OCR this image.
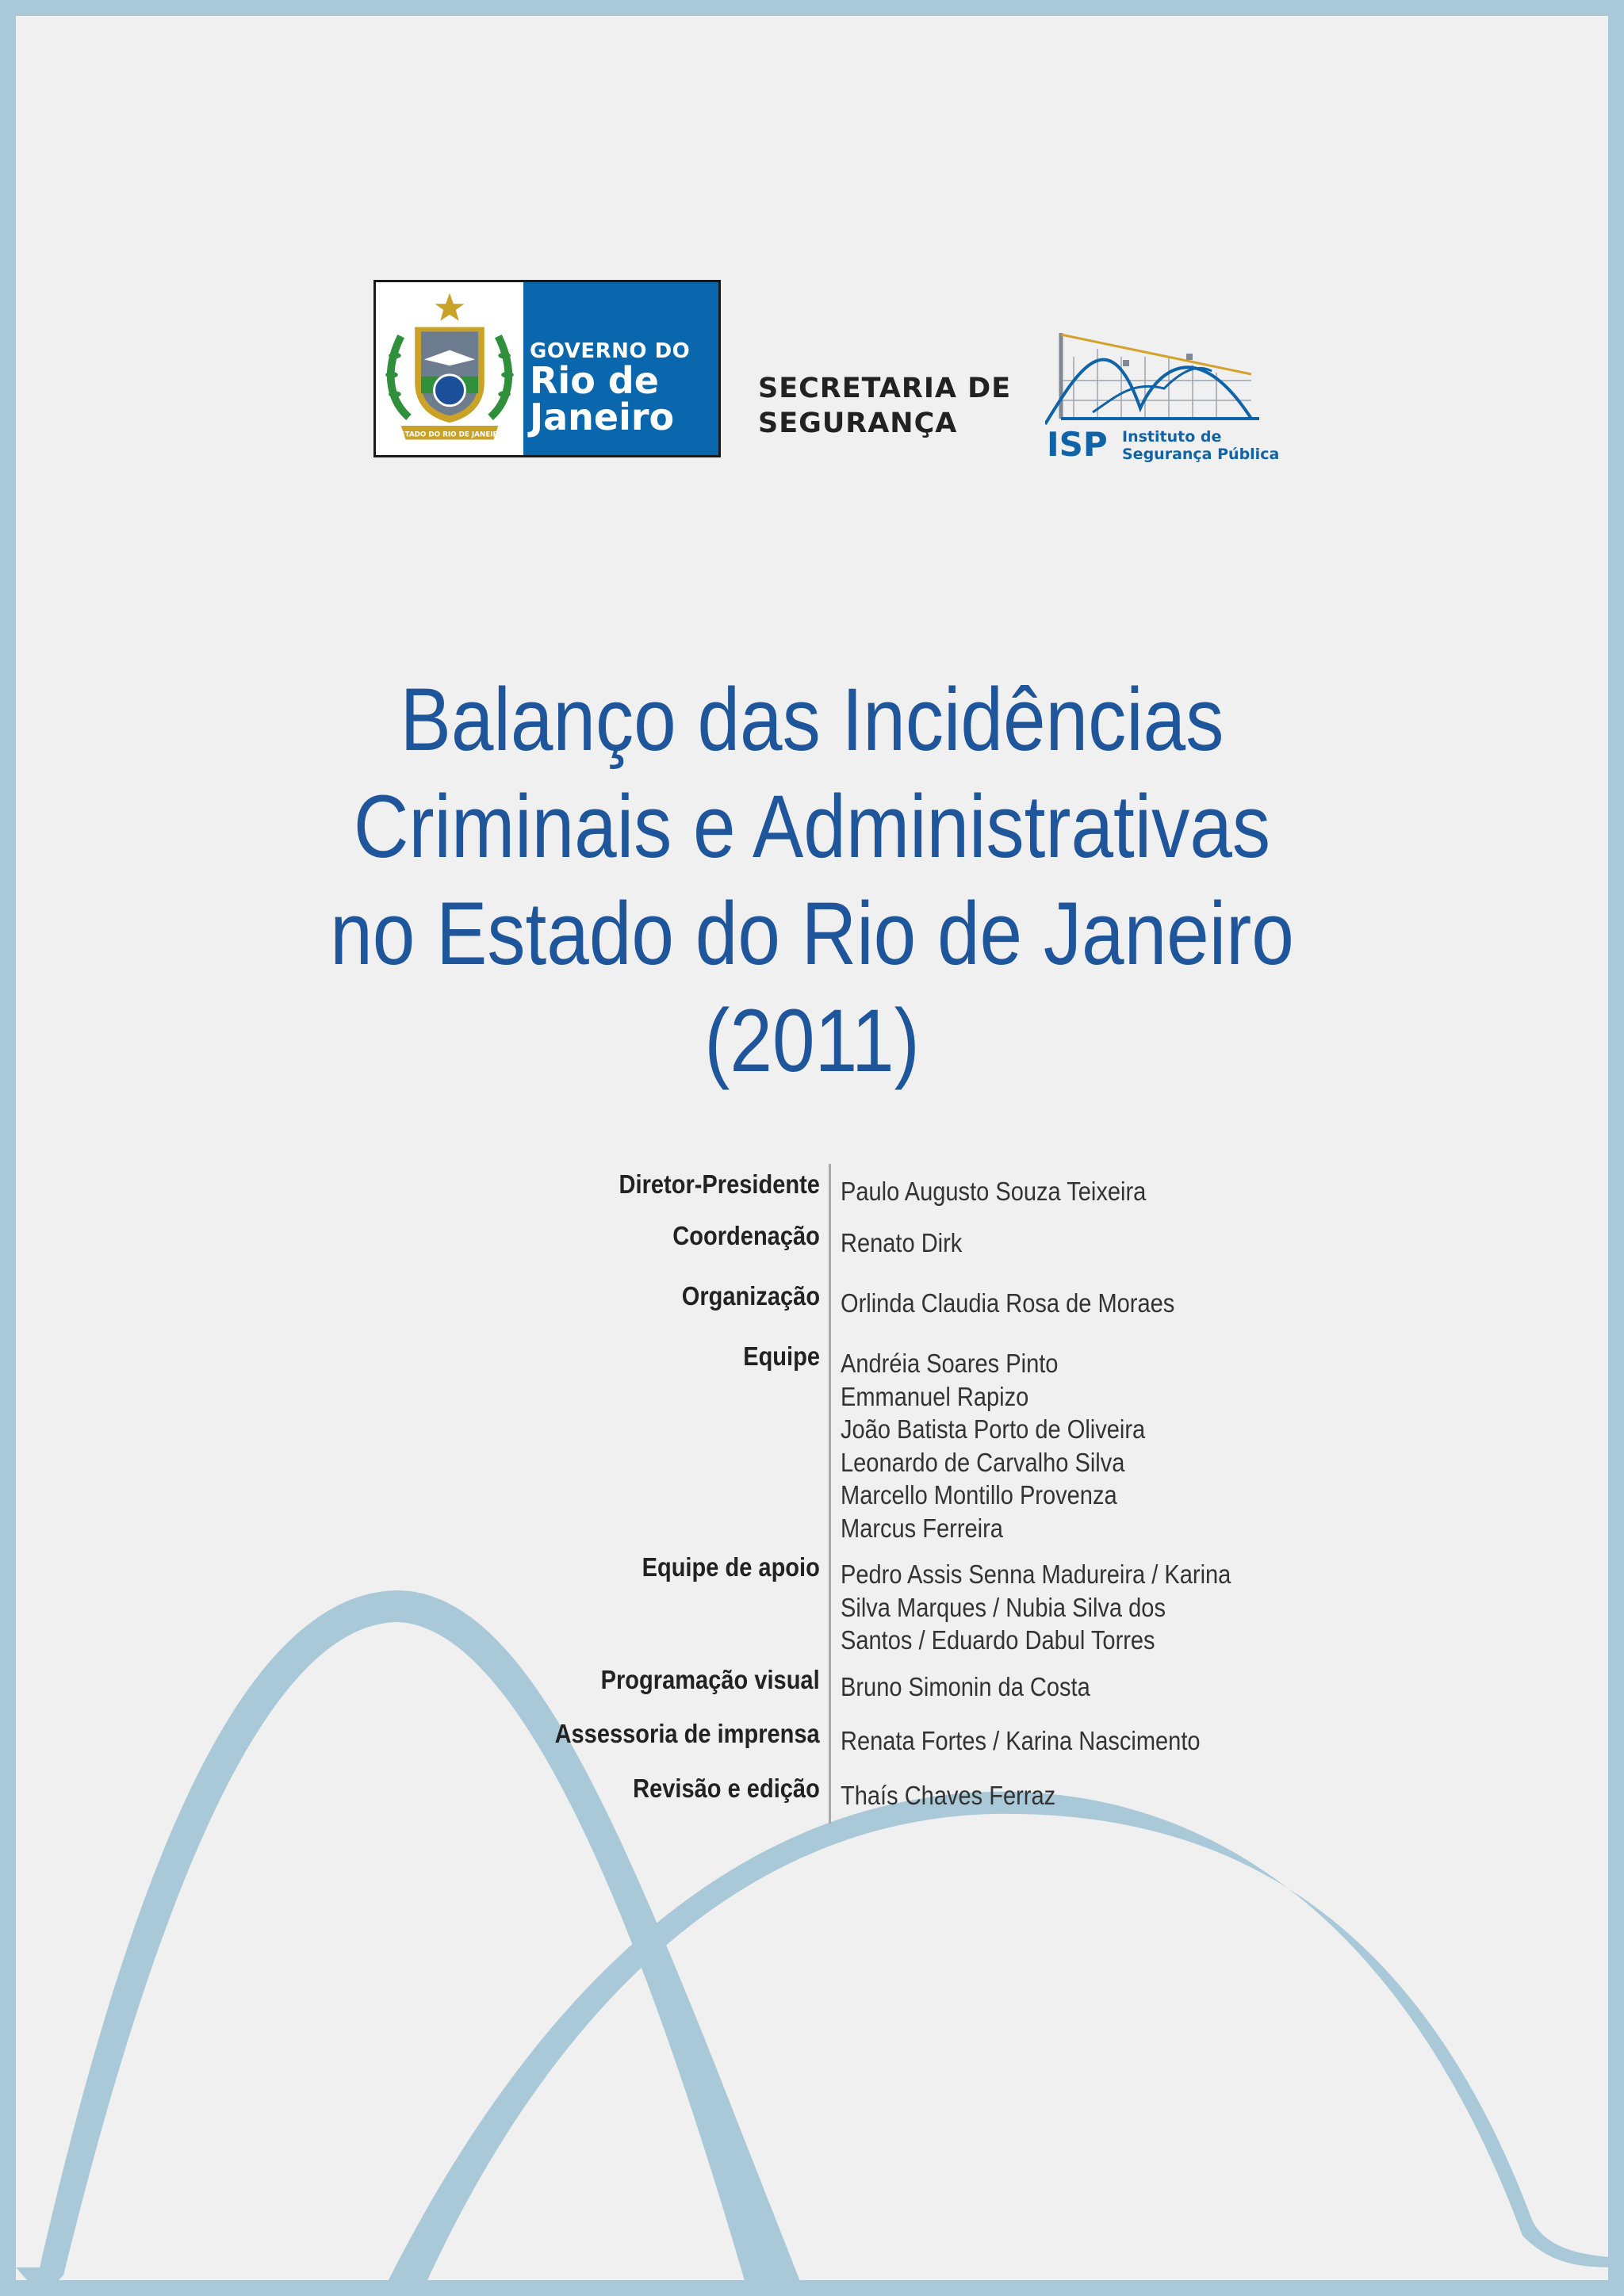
ESTADO DO RIO DE JANEIRO
GOVERNO DO
Rio de
Janeiro
SECRETARIA DE
SEGURANÇA
ISP Instituto de
Segurança Pública
Balanço das Incidências
Criminais e Administrativas
no Estado do Rio de Janeiro
(2011)
Diretor-Presidente Paulo Augusto Souza Teixeira
Coordenação Renato Dirk
Organização Orlinda Claudia Rosa de Moraes
Equipe Andréia Soares Pinto
Emmanuel Rapizo
João Batista Porto de Oliveira
Leonardo de Carvalho Silva
Marcello Montillo Provenza
Marcus Ferreira
Equipe de apoio Pedro Assis Senna Madureira / Karina
Silva Marques / Nubia Silva dos
Santos / Eduardo Dabul Torres
Programação visual Bruno Simonin da Costa
Assessoria de imprensa Renata Fortes / Karina Nascimento
Revisão e edição Thaís Chaves Ferraz
